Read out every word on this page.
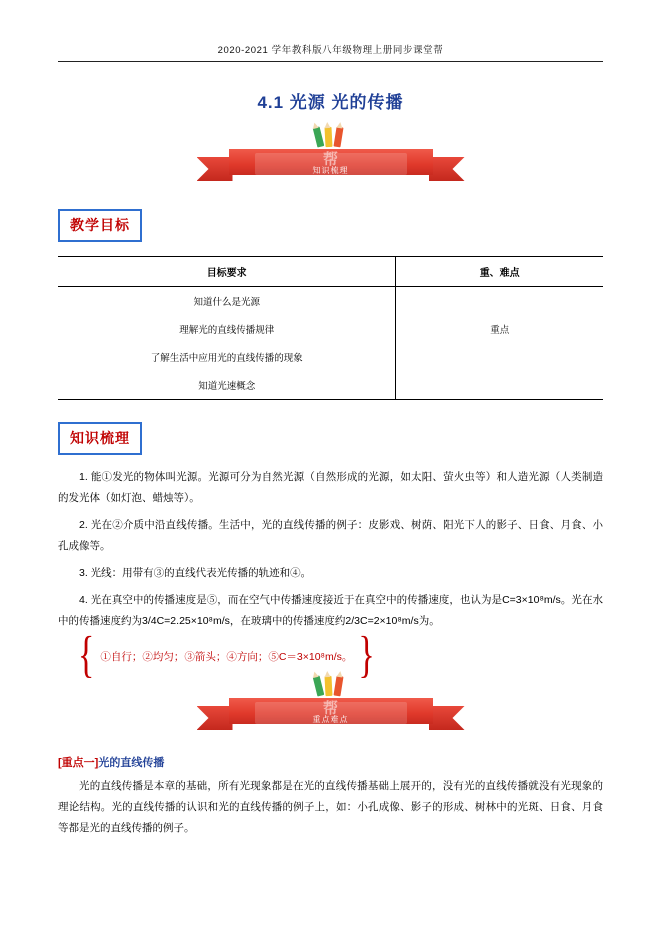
2020-2021 学年教科版八年级物理上册同步课堂帮
4.1 光源 光的传播
帮
知识梳理
教学目标
目标要求	重、难点
知道什么是光源	
理解光的直线传播规律	重点
了解生活中应用光的直线传播的现象	
知道光速概念	
知识梳理

1. 能①发光的物体叫光源。光源可分为自然光源（自然形成的光源，如太阳、萤火虫等）和人造光源（人类制造的发光体（如灯泡、蜡烛等）。

2. 光在②介质中沿直线传播。生活中，光的直线传播的例子：皮影戏、树荫、阳光下人的影子、日食、月食、小孔成像等。

3. 光线：用带有③的直线代表光传播的轨迹和④。

4. 光在真空中的传播速度是⑤，而在空气中传播速度接近于在真空中的传播速度，也认为是C=3×10⁸m/s。光在水中的传播速度约为3/4C=2.25×10⁸m/s，在玻璃中的传播速度约2/3C=2×10⁸m/s为。

{ ①自行；②均匀；③箭头；④方向；⑤C＝3×10⁸m/s。 }
帮
重点难点
[重点一]光的直线传播

光的直线传播是本章的基础，所有光现象都是在光的直线传播基础上展开的，没有光的直线传播就没有光现象的理论结构。光的直线传播的认识和光的直线传播的例子上，如：小孔成像、影子的形成、树林中的光斑、日食、月食等都是光的直线传播的例子。
